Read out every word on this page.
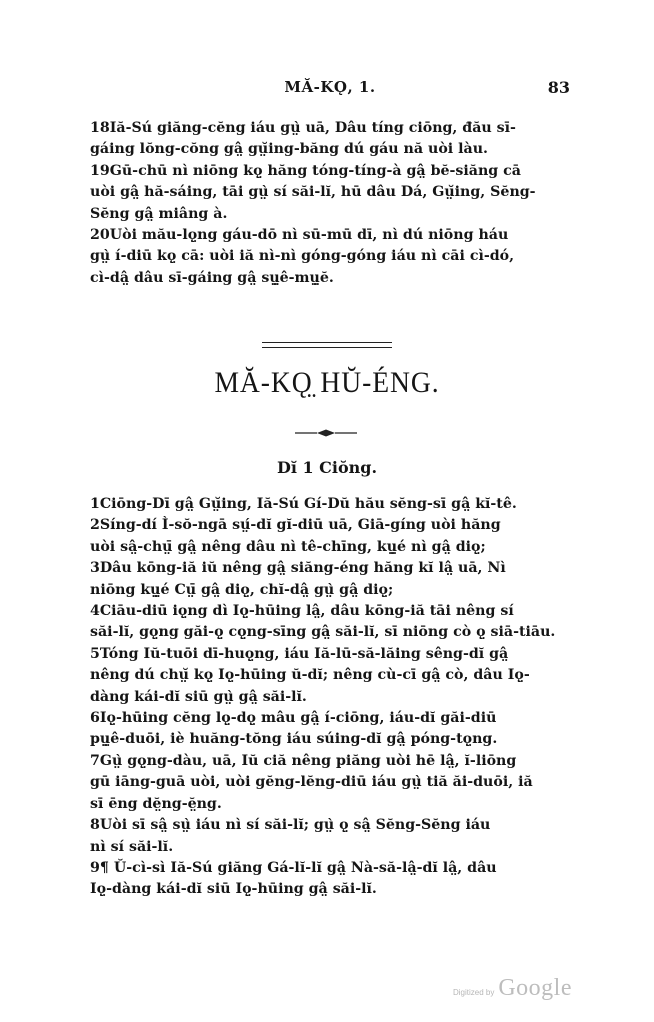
MĂ-KǪ, 1.	83
18Iă-Sú giăng-cĕng iáu gṳ̀ uā, Dâu tíng ciōng, đău sī-
gáing lŏng-cŏng gâ̤ gṳ̆ing-băng dú gáu nă uòi làu.
19Gū-chū nì niōng kǫ̤ hăng tóng-tíng-à gâ̤ bĕ-siăng cā
uòi gâ̤ hă-sáing, tāi gṳ̀ sí săi-lĭ, hū dâu Dá, Gṳ̆ing, Sĕng-
Sĕng gâ̤ miâng à.
20Uòi mău-lǫ̤ng gáu-dō nì sū-mū dī, nì dú niōng háu
gṳ̀ í-diū kǫ̤ cā: uòi iă nì-nì góng-góng iáu nì cāi cì-dó,
cì-dâ̤ dâu sī-gáing gâ̤ sṳ̤ê-mṳ̤ĕ.
MĂ-KǪ̤ HŬ-ÉNG.
Dĭ 1 Ciŏng.
1Ciōng-Dī gâ̤ Gṳ̆ing, Iă-Sú Gí-Dŭ hău sĕng-sī gâ̤ kĭ-tê.
2Síng-dí Ì-sŏ-ngā sṳ́-dĭ gĭ-diū uā, Giā-gíng uòi hăng
uòi sâ̤-chṳ̄ gâ̤ nêng dâu nì tê-chīng, kṳ̤é nì gâ̤ diǫ̤;
3Dâu kōng-iă iŭ nêng gâ̤ siăng-éng hăng kĭ lâ̤ uā, Nì
niōng kṳ̤é Cṳ̄ gâ̤ diǫ̤, chĭ-dâ̤ gṳ̀ gâ̤ diǫ̤;
4Ciāu-diū iǫ̤ng dì Iǫ̤-hūing lâ̤, dâu kōng-iă tāi nêng sí
săi-lĭ, gǫ̤ng găi-ǫ̤ cǫ̤ng-sīng gâ̤ săi-lĭ, sī niōng cò ǫ̤ siā-tiāu.
5Tóng Iŭ-tuōi dī-huǫ̤ng, iáu Iă-lū-să-lăing sêng-dĭ gâ̤
nêng dú chṳ̆ kǫ̤ Iǫ̤-hūing ŭ-dĭ; nêng cù-cī gâ̤ cò, dâu Iǫ̤-
dàng kái-dĭ siū gṳ̀ gâ̤ săi-lĭ.
6Iǫ̤-hūing cĕng lǫ̤-dǫ̤ mâu gâ̤ í-ciōng, iáu-dĭ găi-diū
pṳ̤ê-duōi, iè huăng-tŏng iáu súing-dĭ gâ̤ póng-tǫ̤ng.
7Gṳ̀ gǫ̤ng-dàu, uā, Iŭ ciă nêng piăng uòi hē lâ̤, ĭ-liōng
gū iāng-guā uòi, uòi gĕng-lĕng-diū iáu gṳ̀ tiă ăi-duōi, iă
sī ēng dĕ̤ng-ĕ̤ng.
8Uòi sī sâ̤ sṳ̀ iáu nì sí săi-lĭ; gṳ̀ ǫ̤ sâ̤ Sĕng-Sĕng iáu
nì sí săi-lĭ.
9¶ Ŭ-cì-sì Iă-Sú giăng Gá-lĭ-lĭ gâ̤ Nà-să-lâ̤-dĭ lâ̤, dâu
Iǫ̤-dàng kái-dĭ siū Iǫ̤-hūing gâ̤ săi-lĭ.
Digitized by Google
